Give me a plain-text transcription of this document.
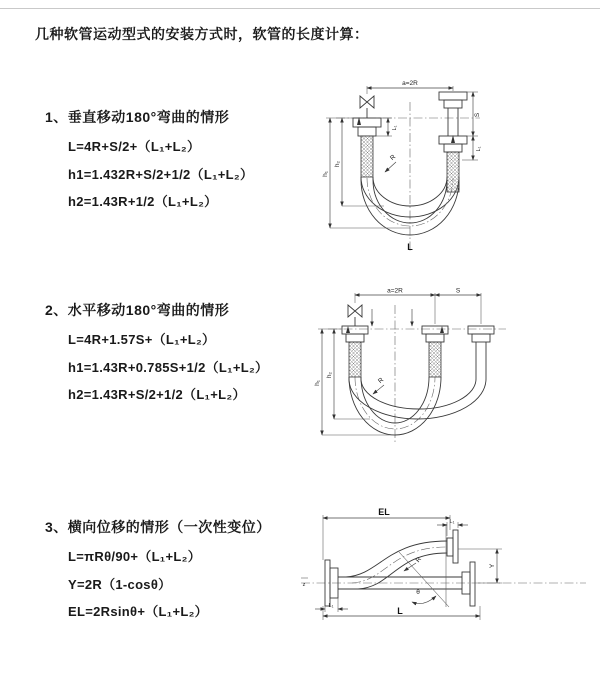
几种软管运动型式的安装方式时，软管的长度计算：
1、垂直移动180°弯曲的情形
L=4R+S/2+（L₁+L₂）
h1=1.432R+S/2+1/2（L₁+L₂）
h2=1.43R+1/2（L₁+L₂）
2、水平移动180°弯曲的情形
L=4R+1.57S+（L₁+L₂）
h1=1.43R+0.785S+1/2（L₁+L₂）
h2=1.43R+S/2+1/2（L₁+L₂）
3、横向位移的情形（一次性变位）
L=πRθ/90+（L₁+L₂）
Y=2R（1-cosθ）
EL=2Rsinθ+（L₁+L₂）
a=2R
h₁
h₂
L₁
S
L₁
R
L
a=2R	S
h₁
h₂
R
z
θ
EL
L₁
Y
R
L
L₁
